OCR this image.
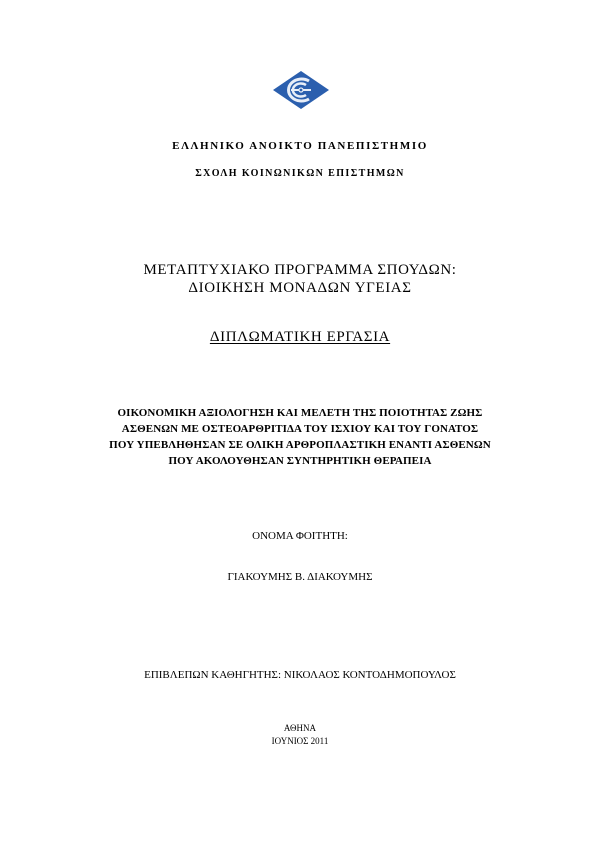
ΕΛΛΗΝΙΚΟ ΑΝΟΙΚΤΟ ΠΑΝΕΠΙΣΤΗΜΙΟ
ΣΧΟΛΗ ΚΟΙΝΩΝΙΚΩΝ ΕΠΙΣΤΗΜΩΝ
ΜΕΤΑΠΤΥΧΙΑΚΟ ΠΡΟΓΡΑΜΜΑ ΣΠΟΥΔΩΝ:
ΔΙΟΙΚΗΣΗ ΜΟΝΑΔΩΝ ΥΓΕΙΑΣ
ΔΙΠΛΩΜΑΤΙΚΗ ΕΡΓΑΣΙΑ
ΟΙΚΟΝΟΜΙΚΗ ΑΞΙΟΛΟΓΗΣΗ ΚΑΙ ΜΕΛΕΤΗ ΤΗΣ ΠΟΙΟΤΗΤΑΣ ΖΩΗΣ
ΑΣΘΕΝΩΝ ΜΕ ΟΣΤΕΟΑΡΘΡΙΤΙΔΑ ΤΟΥ ΙΣΧΙΟΥ ΚΑΙ ΤΟΥ ΓΟΝΑΤΟΣ
ΠΟΥ ΥΠΕΒΛΗΘΗΣΑΝ ΣΕ ΟΛΙΚΗ ΑΡΘΡΟΠΛΑΣΤΙΚΗ ΕΝΑΝΤΙ ΑΣΘΕΝΩΝ
ΠΟΥ ΑΚΟΛΟΥΘΗΣΑΝ ΣΥΝΤΗΡΗΤΙΚΗ ΘΕΡΑΠΕΙΑ
ΟΝΟΜΑ ΦΟΙΤΗΤΗ:
ΓΙΑΚΟΥΜΗΣ Β. ΔΙΑΚΟΥΜΗΣ
ΕΠΙΒΛΕΠΩΝ ΚΑΘΗΓΗΤΗΣ: ΝΙΚΟΛΑΟΣ ΚΟΝΤΟΔΗΜΟΠΟΥΛΟΣ
ΑΘΗΝΑ
ΙΟΥΝΙΟΣ 2011
